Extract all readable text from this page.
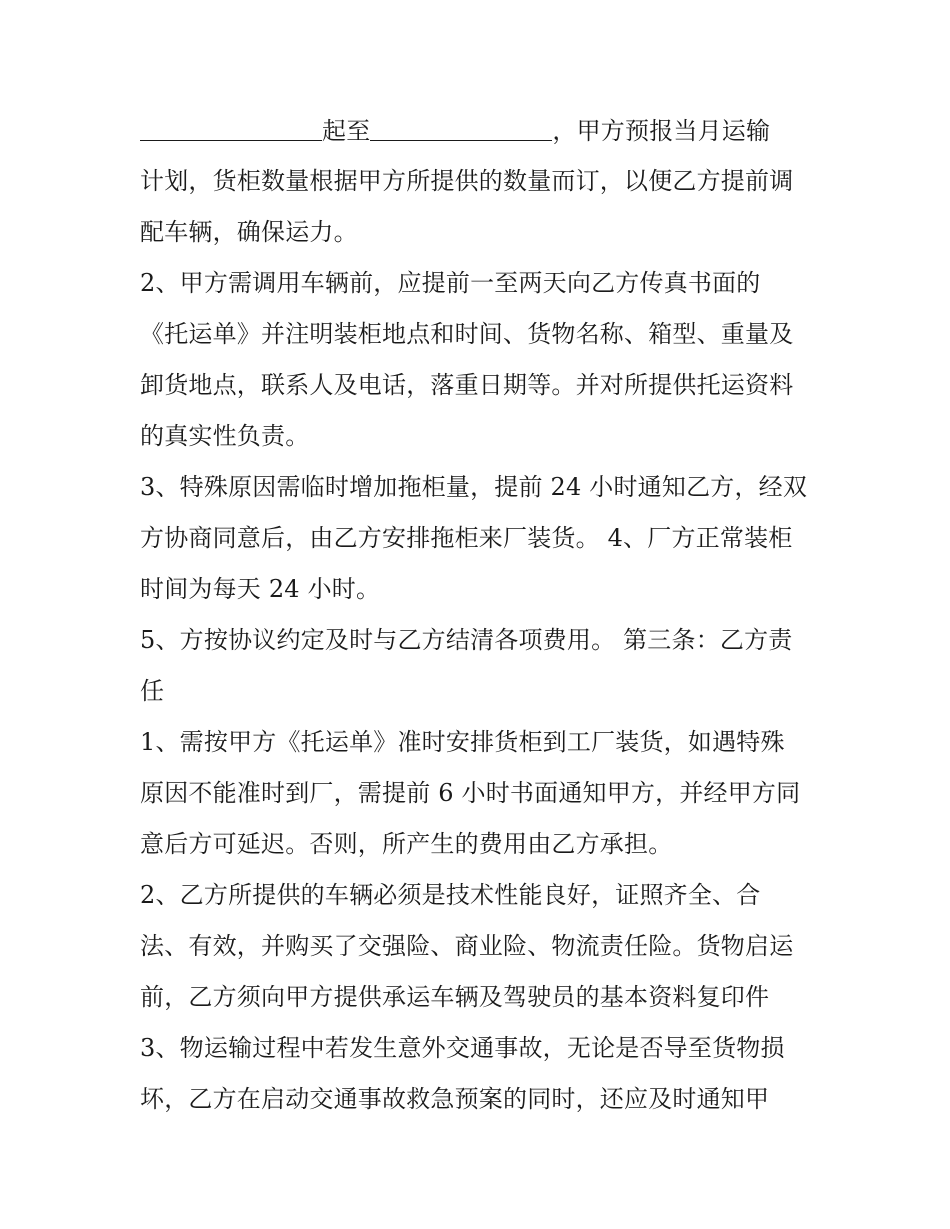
起至	，甲方预报当月运输
计划，货柜数量根据甲方所提供的数量而订，以便乙方提前调
配车辆，确保运力。
2、甲方需调用车辆前，应提前一至两天向乙方传真书面的
《托运单》并注明装柜地点和时间、货物名称、箱型、重量及
卸货地点，联系人及电话，落重日期等。并对所提供托运资料
的真实性负责。
3、特殊原因需临时增加拖柜量，提前 24 小时通知乙方，经双
方协商同意后，由乙方安排拖柜来厂装货。 4、厂方正常装柜
时间为每天 24 小时。
5、方按协议约定及时与乙方结清各项费用。 第三条：乙方责
任
1、需按甲方《托运单》准时安排货柜到工厂装货，如遇特殊
原因不能准时到厂，需提前 6 小时书面通知甲方，并经甲方同
意后方可延迟。否则，所产生的费用由乙方承担。
2、乙方所提供的车辆必须是技术性能良好，证照齐全、合
法、有效，并购买了交强险、商业险、物流责任险。货物启运
前，乙方须向甲方提供承运车辆及驾驶员的基本资料复印件
3、物运输过程中若发生意外交通事故，无论是否导至货物损
坏，乙方在启动交通事故救急预案的同时，还应及时通知甲
